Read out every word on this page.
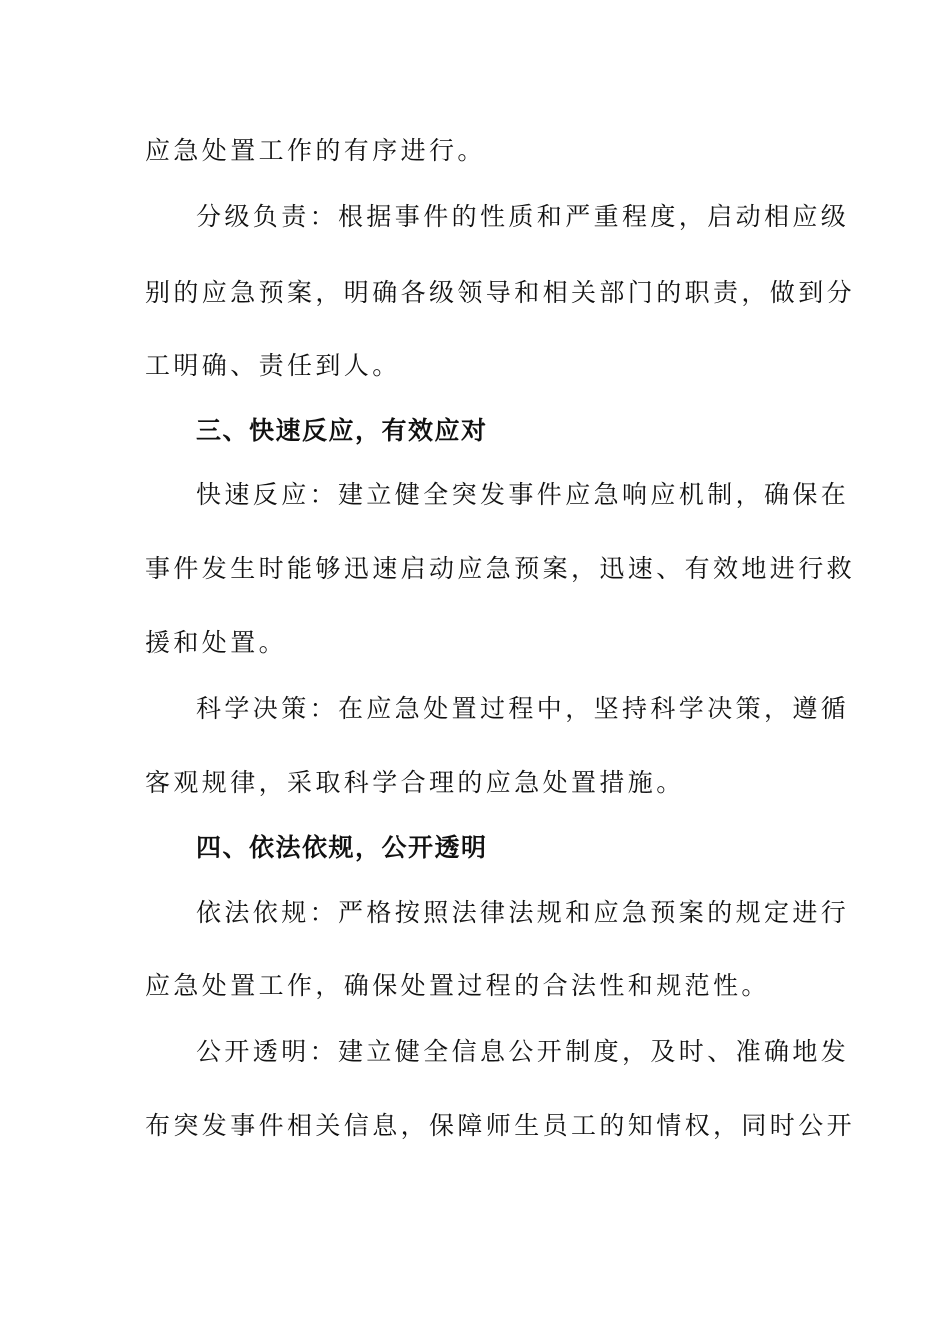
应急处置工作的有序进行。
分级负责：根据事件的性质和严重程度，启动相应级
别的应急预案，明确各级领导和相关部门的职责，做到分
工明确、责任到人。
三、快速反应，有效应对
快速反应：建立健全突发事件应急响应机制，确保在
事件发生时能够迅速启动应急预案，迅速、有效地进行救
援和处置。
科学决策：在应急处置过程中，坚持科学决策，遵循
客观规律，采取科学合理的应急处置措施。
四、依法依规，公开透明
依法依规：严格按照法律法规和应急预案的规定进行
应急处置工作，确保处置过程的合法性和规范性。
公开透明：建立健全信息公开制度，及时、准确地发
布突发事件相关信息，保障师生员工的知情权，同时公开
